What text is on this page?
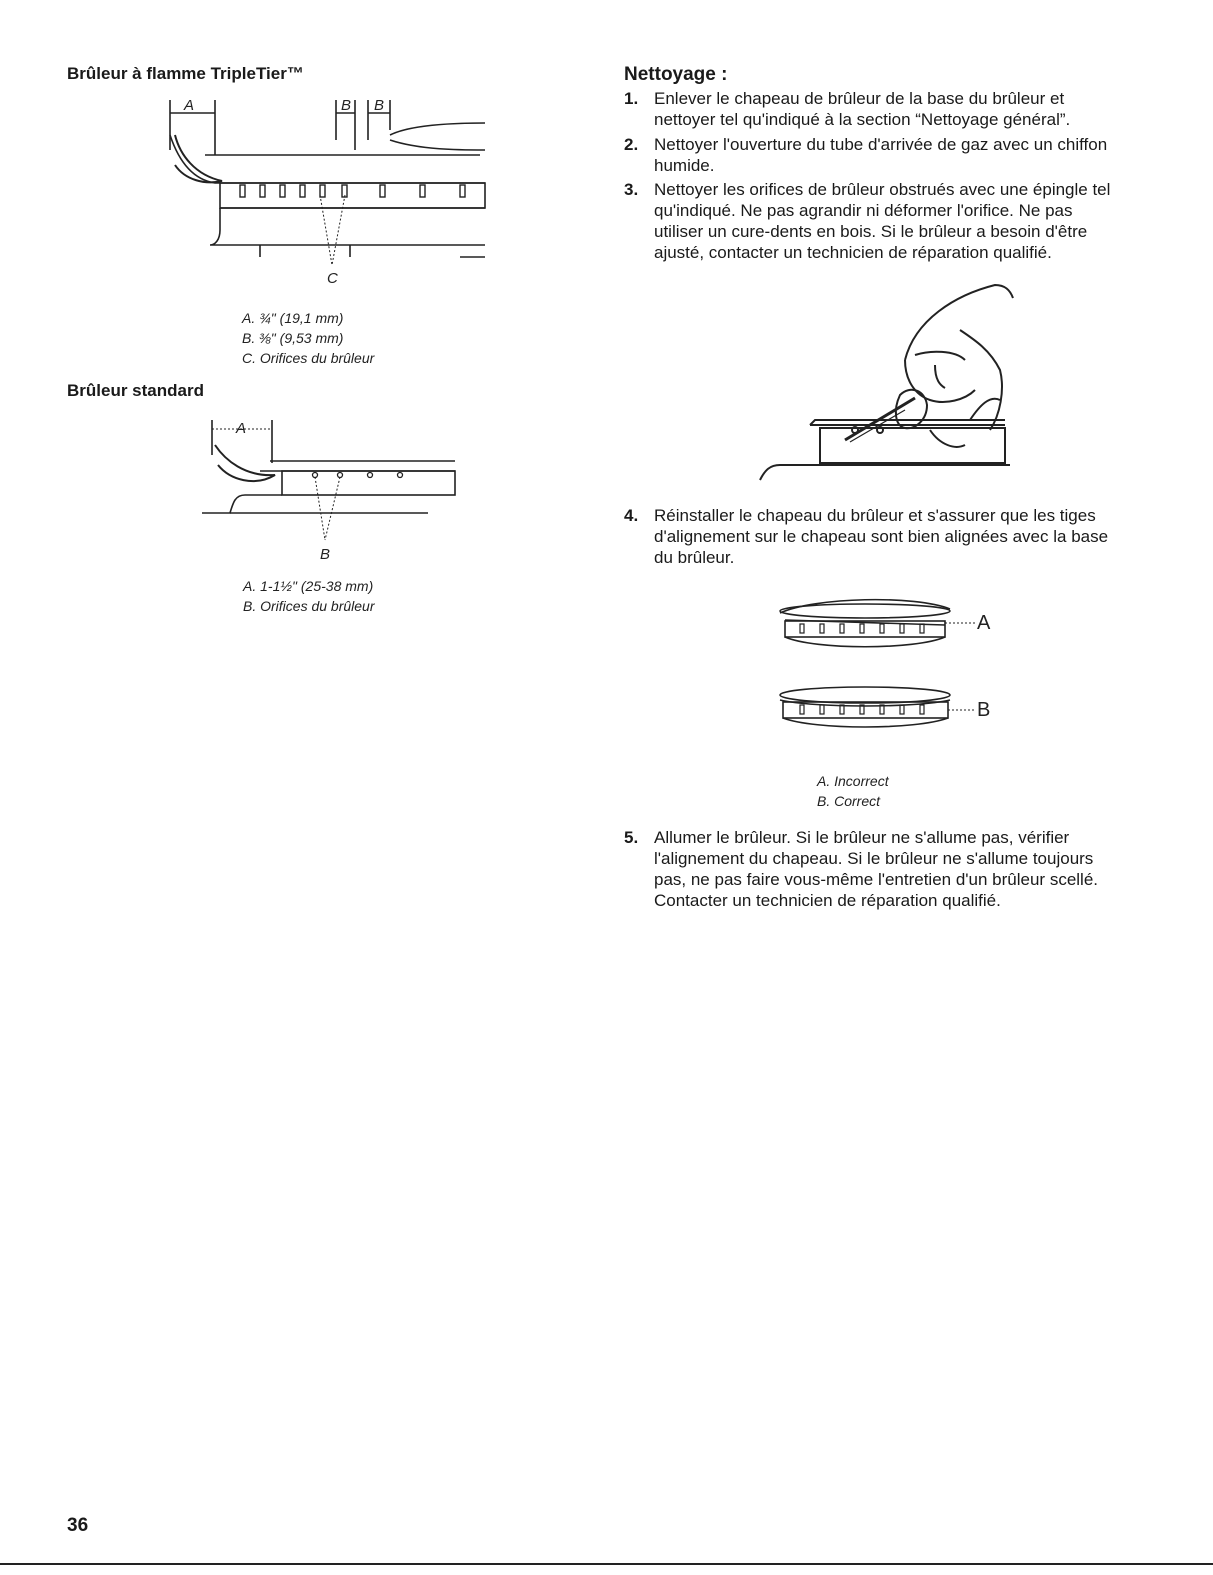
Brûleur à flamme TripleTier™
A	B B
C
A. ¾" (19,1 mm)
B. ⅜" (9,53 mm)
C. Orifices du brûleur
Brûleur standard
A
B
A. 1-1½" (25-38 mm)
B. Orifices du brûleur
Nettoyage :
1. Enlever le chapeau de brûleur de la base du brûleur et
nettoyer tel qu'indiqué à la section “Nettoyage général”.
2. Nettoyer l'ouverture du tube d'arrivée de gaz avec un chiffon
humide.
3. Nettoyer les orifices de brûleur obstrués avec une épingle tel
qu'indiqué. Ne pas agrandir ni déformer l'orifice. Ne pas
utiliser un cure-dents en bois. Si le brûleur a besoin d'être
ajusté, contacter un technicien de réparation qualifié.
4. Réinstaller le chapeau du brûleur et s'assurer que les tiges
d'alignement sur le chapeau sont bien alignées avec la base
du brûleur.
5. Allumer le brûleur. Si le brûleur ne s'allume pas, vérifier
l'alignement du chapeau. Si le brûleur ne s'allume toujours
pas, ne pas faire vous-même l'entretien d'un brûleur scellé.
Contacter un technicien de réparation qualifié.
A
B
A. Incorrect
B. Correct
36
